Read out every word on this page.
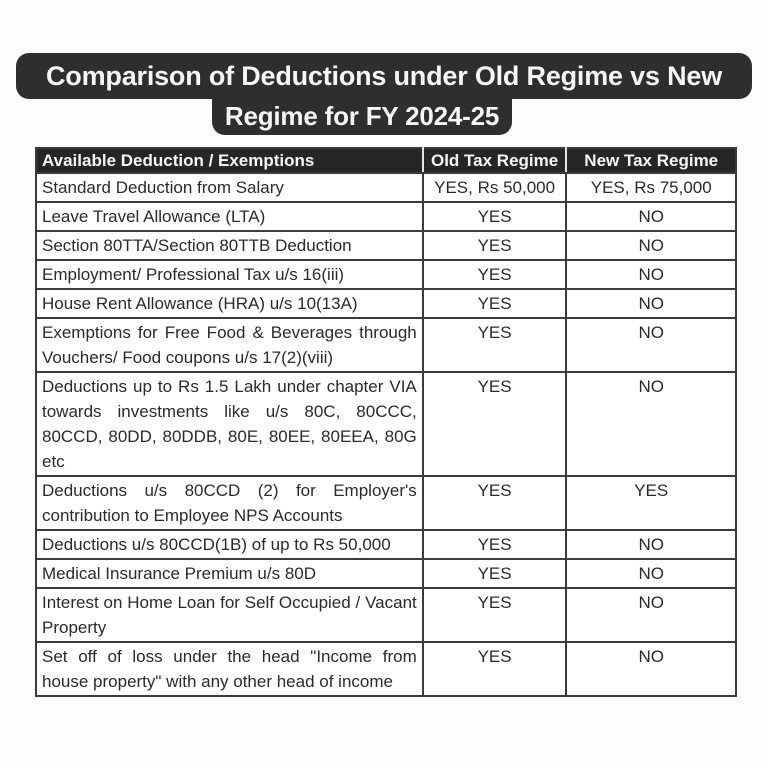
Comparison of Deductions under Old Regime vs New
Regime for FY 2024-25
Available Deduction / Exemptions	Old Tax Regime	New Tax Regime
Standard Deduction from Salary	YES, Rs 50,000	YES, Rs 75,000
Leave Travel Allowance (LTA)	YES	NO
Section 80TTA/Section 80TTB Deduction	YES	NO
Employment/ Professional Tax u/s 16(iii)	YES	NO
House Rent Allowance (HRA) u/s 10(13A)	YES	NO
Exemptions for Free Food & Beverages through Vouchers/ Food coupons u/s 17(2)(viii)	YES	NO
Deductions up to Rs 1.5 Lakh under chapter VIA towards investments like u/s 80C, 80CCC, 80CCD, 80DD, 80DDB, 80E, 80EE, 80EEA, 80G etc	YES	NO
Deductions u/s 80CCD (2) for Employer's contribution to Employee NPS Accounts	YES	YES
Deductions u/s 80CCD(1B) of up to Rs 50,000	YES	NO
Medical Insurance Premium u/s 80D	YES	NO
Interest on Home Loan for Self Occupied / Vacant Property	YES	NO
Set off of loss under the head "Income from house property" with any other head of income	YES	NO
